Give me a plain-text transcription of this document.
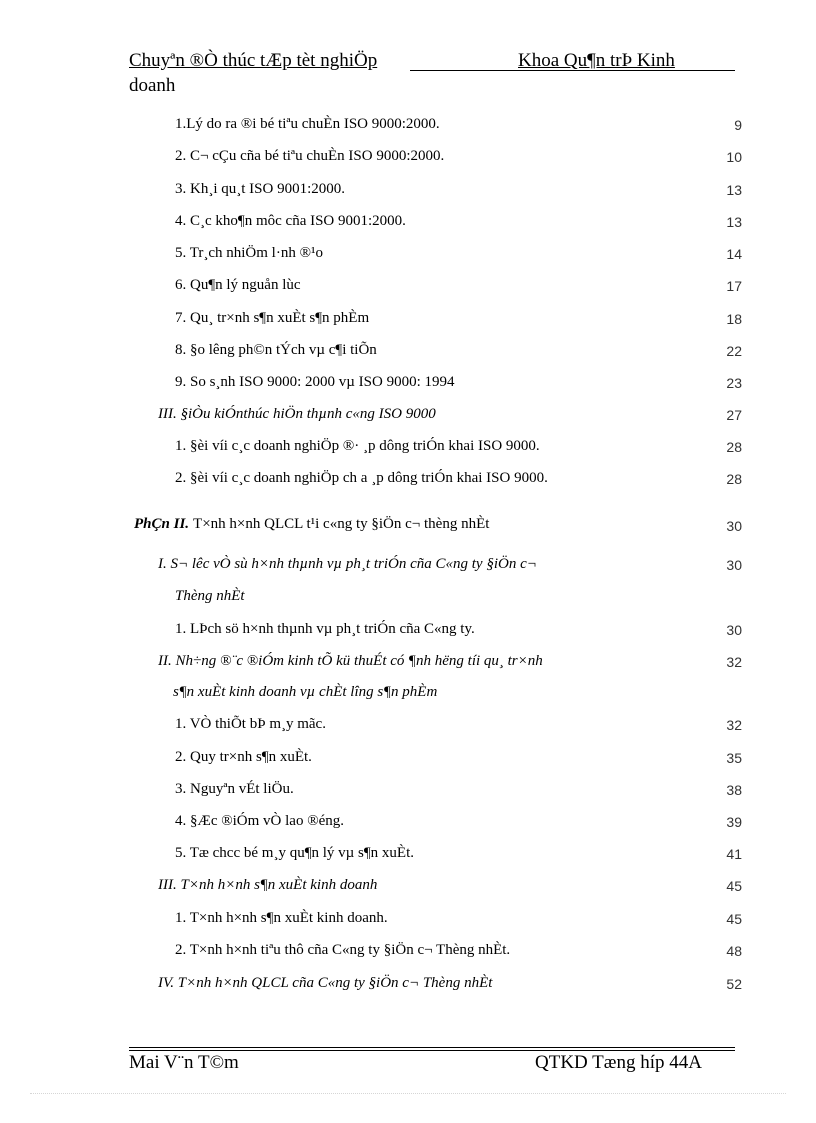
Chuyªn ®Ò thúc tÆp tèt nghiÖp	Khoa Qu¶n trÞ Kinh
doanh
1.Lý do ra ®i bé tiªu chuÈn ISO 9000:2000.	9
2. C¬ cÇu cña bé tiªu chuÈn ISO 9000:2000.	10
3. Kh¸i qu¸t ISO 9001:2000.	13
4. C¸c kho¶n môc cña ISO 9001:2000.	13
5. Tr¸ch nhiÖm l·nh ®¹o	14
6. Qu¶n lý nguån lùc	17
7. Qu¸ tr×nh s¶n xuÈt s¶n phÈm	18
8. §o lêng ph©n tÝch vµ c¶i tiÕn	22
9. So s¸nh ISO 9000: 2000 vµ ISO 9000: 1994	23
III. §iÒu kiÓnthúc hiÖn thµnh c«ng ISO 9000	27
1. §èi víi c¸c doanh nghiÖp ®· ¸p dông triÓn khai ISO 9000.	28
2. §èi víi c¸c doanh nghiÖp ch a ¸p dông triÓn khai ISO 9000.	28
PhÇn II. T×nh h×nh QLCL t¹i c«ng ty §iÖn c¬ thèng nhÈt	30
I. S¬ lêc vÒ sù h×nh thµnh vµ ph¸t triÓn cña C«ng ty §iÖn c¬	30
Thèng nhÈt
1. LÞch sö h×nh thµnh vµ ph¸t triÓn cña C«ng ty.	30
II. Nh÷ng ®¨c ®iÓm kinh tÕ kü thuÉt có ¶nh hëng tíi qu¸ tr×nh	32
s¶n xuÈt kinh doanh vµ chÈt lîng s¶n phÈm
1. VÒ thiÕt bÞ m¸y mãc.	32
2. Quy tr×nh s¶n xuÈt.	35
3. Nguyªn vÉt liÖu.	38
4. §Æc ®iÓm vÒ lao ®éng.	39
5. Tæ chcc bé m¸y qu¶n lý vµ s¶n xuÈt.	41
III. T×nh h×nh s¶n xuÈt kinh doanh	45
1. T×nh h×nh s¶n xuÈt kinh doanh.	45
2. T×nh h×nh tiªu thô cña C«ng ty §iÖn c¬ Thèng nhÈt.	48
IV. T×nh h×nh QLCL cña C«ng ty §iÖn c¬ Thèng nhÈt	52
Mai V¨n T©m	QTKD Tæng híp 44A
